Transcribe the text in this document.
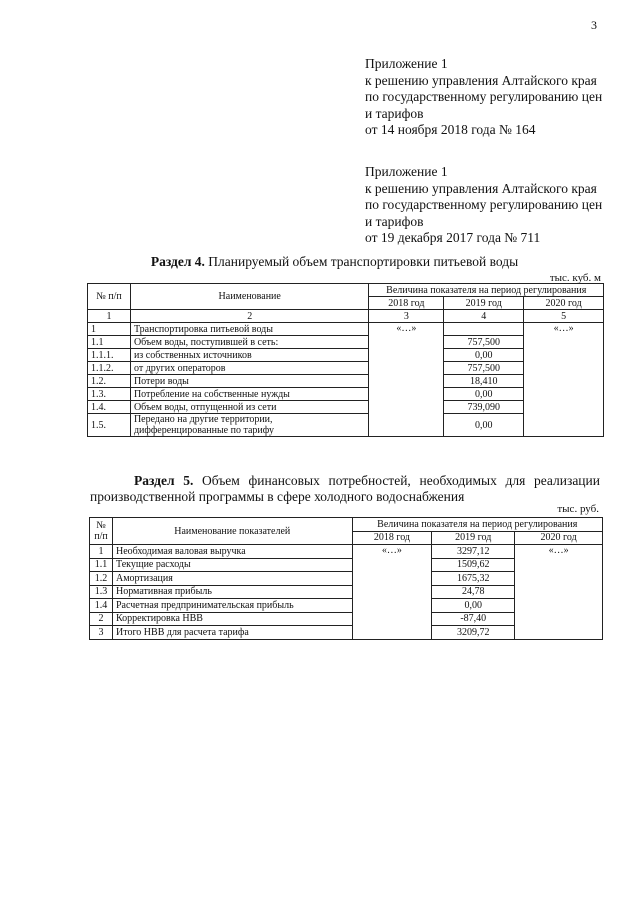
3
Приложение 1
к решению управления Алтайского края
по государственному регулированию цен
и тарифов
от 14 ноября 2018 года № 164
Приложение 1
к решению управления Алтайского края
по государственному регулированию цен
и тарифов
от 19 декабря 2017 года № 711
Раздел 4. Планируемый объем транспортировки питьевой воды
тыс. куб. м
№ п/п	Наименование	Величина показателя на период регулирования		
		2018 год	2019 год	2020 год
1	2	3	4	5
1	Транспортировка питьевой воды	«…»		«…»
1.1	Объем воды, поступившей в сеть:		757,500	
1.1.1.	из собственных источников		0,00	
1.1.2.	от других операторов		757,500	
1.2.	Потери воды		18,410	
1.3.	Потребление на собственные нужды		0,00	
1.4.	Объем воды, отпущенной из сети		739,090	
1.5.	Передано на другие территории, дифференцированные по тарифу		0,00	
Раздел 5. Объем финансовых потребностей, необходимых для реализации производственной программы в сфере холодного водоснабжения
тыс. руб.
№ п/п	Наименование показателей	Величина показателя на период регулирования		
		2018 год	2019 год	2020 год
1	Необходимая валовая выручка	«…»	3297,12	«…»
1.1	Текущие расходы		1509,62	
1.2	Амортизация		1675,32	
1.3	Нормативная прибыль		24,78	
1.4	Расчетная предпринимательская прибыль		0,00	
2	Корректировка НВВ		-87,40	
3	Итого НВВ для расчета тарифа		3209,72	
